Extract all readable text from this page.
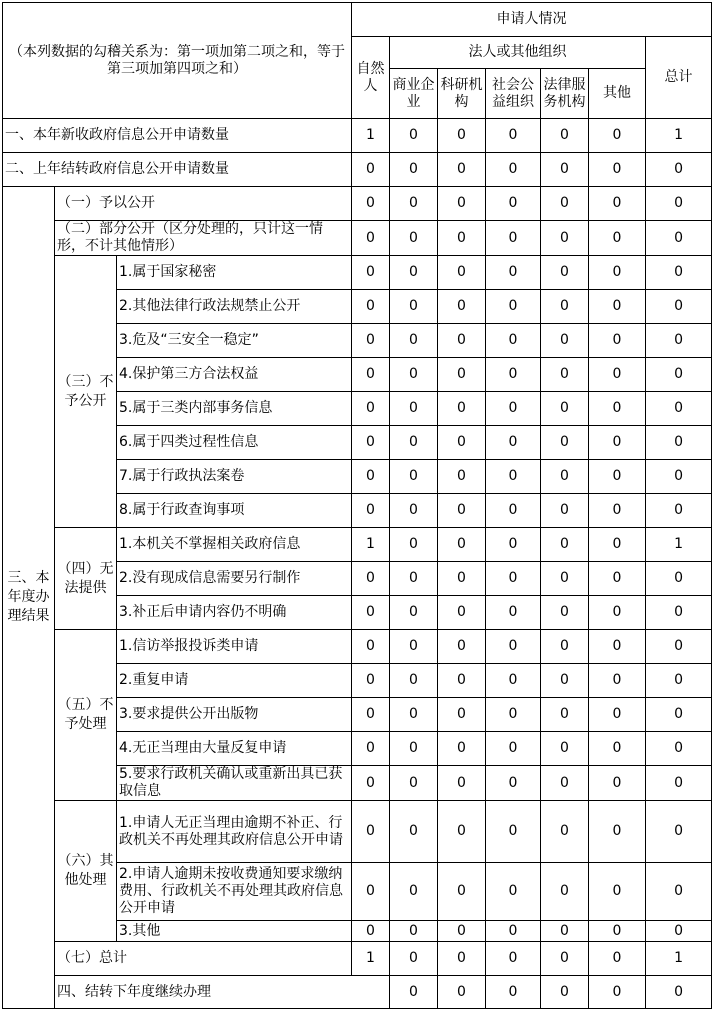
（本列数据的勾稽关系为：第一项加第二项之和，等于第三项加第四项之和）			申请人情况							
			自然人	法人或其他组织					总计	
				商业企业	科研机构	社会公益组织	法律服务机构	其他		
一、本年新收政府信息公开申请数量			1	0	0	0	0	0	1	
二、上年结转政府信息公开申请数量			0	0	0	0	0	0	0	
三、本年度办理结果	（一）予以公开		0	0	0	0	0	0	0	
	（二）部分公开（区分处理的，只计这一情形，不计其他情形）		0	0	0	0	0	0	0	
	（三）不予公开	1.属于国家秘密	0	0	0	0	0	0	0	
		2.其他法律行政法规禁止公开	0	0	0	0	0	0	0	
		3.危及“三安全一稳定”	0	0	0	0	0	0	0	
		4.保护第三方合法权益	0	0	0	0	0	0	0	
		5.属于三类内部事务信息	0	0	0	0	0	0	0	
		6.属于四类过程性信息	0	0	0	0	0	0	0	
		7.属于行政执法案卷	0	0	0	0	0	0	0	
		8.属于行政查询事项	0	0	0	0	0	0	0	
	（四）无法提供	1.本机关不掌握相关政府信息	1	0	0	0	0	0	1	
		2.没有现成信息需要另行制作	0	0	0	0	0	0	0	
		3.补正后申请内容仍不明确	0	0	0	0	0	0	0	
	（五）不予处理	1.信访举报投诉类申请	0	0	0	0	0	0	0	
		2.重复申请	0	0	0	0	0	0	0	
		3.要求提供公开出版物	0	0	0	0	0	0	0	
		4.无正当理由大量反复申请	0	0	0	0	0	0	0	
		5.要求行政机关确认或重新出具已获取信息	0	0	0	0	0	0	0	
	（六）其他处理	1.申请人无正当理由逾期不补正、行政机关不再处理其政府信息公开申请	0	0	0	0	0	0	0	
		2.申请人逾期未按收费通知要求缴纳费用、行政机关不再处理其政府信息公开申请	0	0	0	0	0	0	0	
		3.其他	0	0	0	0	0	0	0	
	（七）总计		1	0	0	0	0	0	1	
	四、结转下年度继续办理			0	0	0	0	0	0	
